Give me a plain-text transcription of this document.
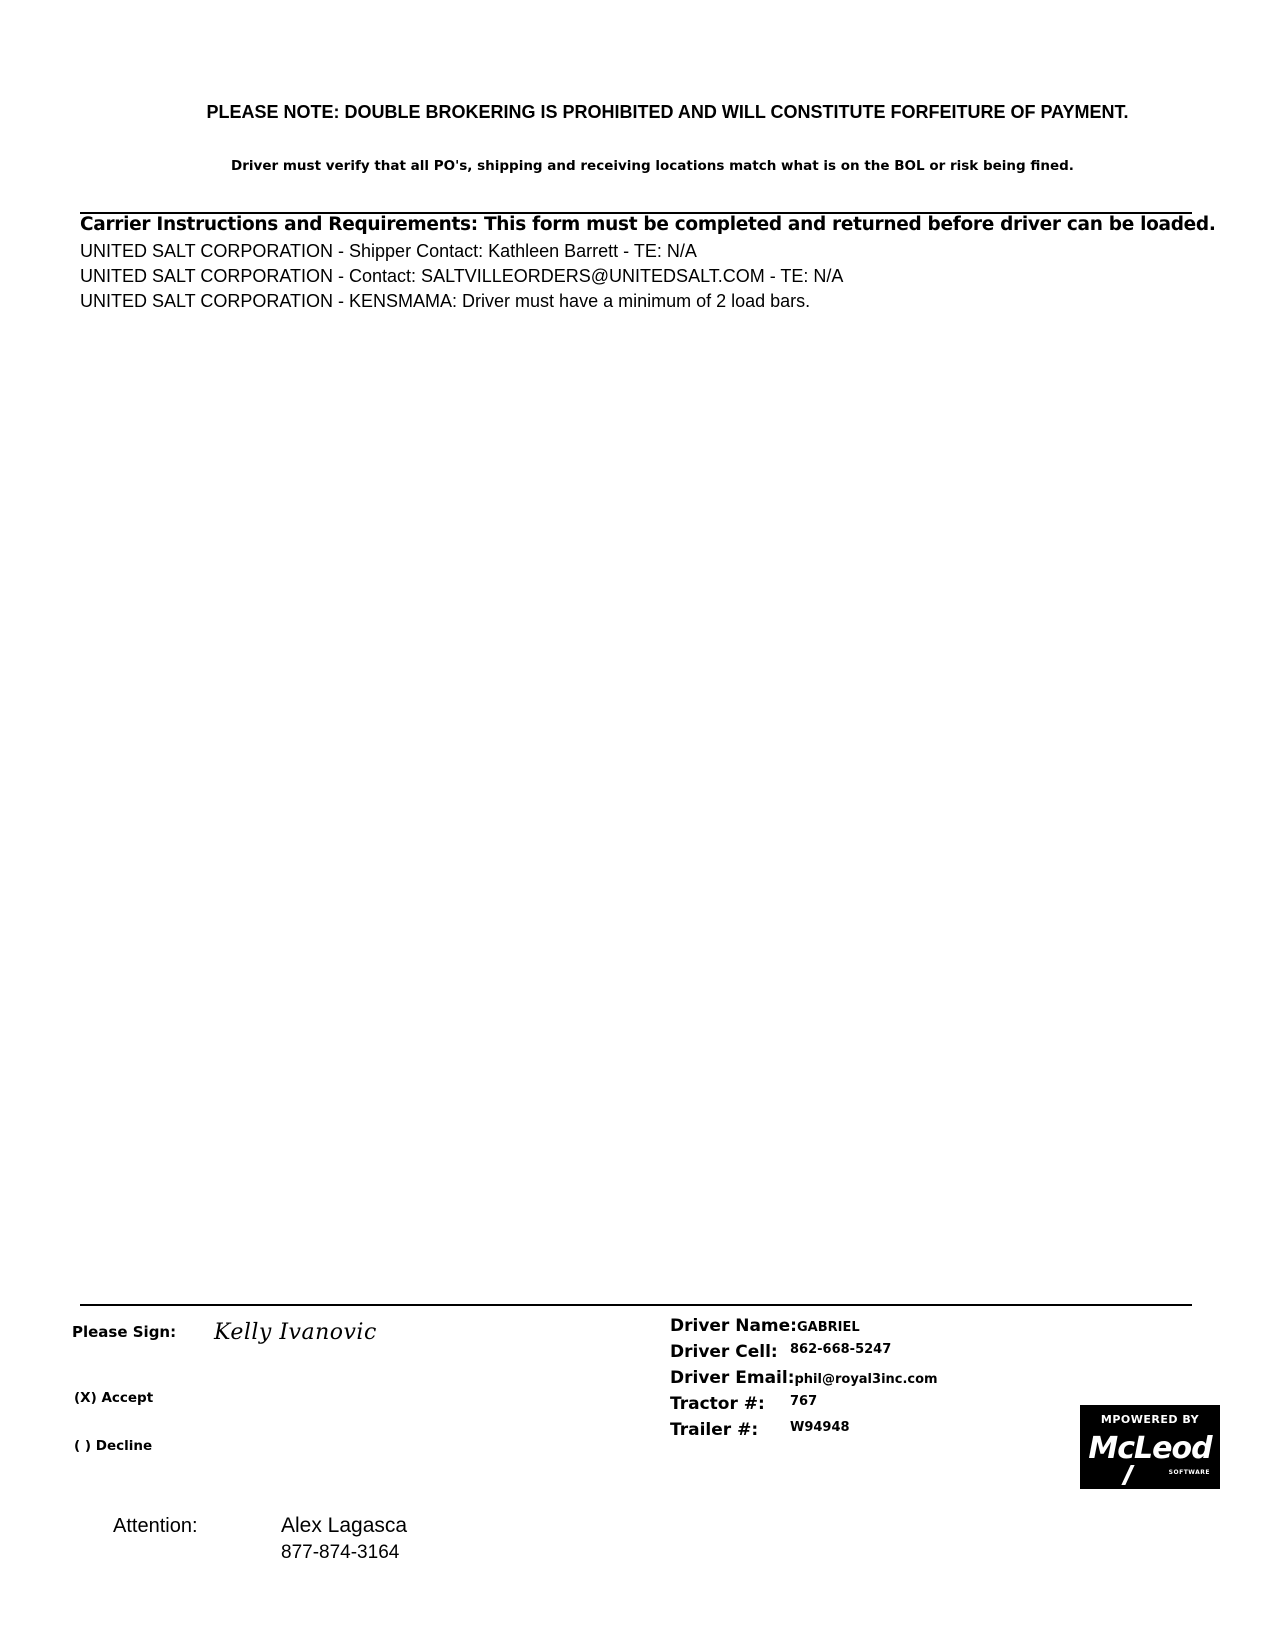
PLEASE NOTE: DOUBLE BROKERING IS PROHIBITED AND WILL CONSTITUTE FORFEITURE OF PAYMENT.
Driver must verify that all PO's, shipping and receiving locations match what is on the BOL or risk being fined.
Carrier Instructions and Requirements: This form must be completed and returned before driver can be loaded.
UNITED SALT CORPORATION - Shipper Contact: Kathleen Barrett - TE: N/A
UNITED SALT CORPORATION - Contact: SALTVILLEORDERS@UNITEDSALT.COM - TE: N/A
UNITED SALT CORPORATION - KENSMAMA: Driver must have a minimum of 2 load bars.
Please Sign: Kelly Ivanovic
(X) Accept
( ) Decline
Driver Name:GABRIEL
Driver Cell: 862-668-5247
Driver Email:phil@royal3inc.com
Tractor #: 767
Trailer #: W94948
MPOWERED BY
McLeod
SOFTWARE
Attention:	Alex Lagasca
877-874-3164
